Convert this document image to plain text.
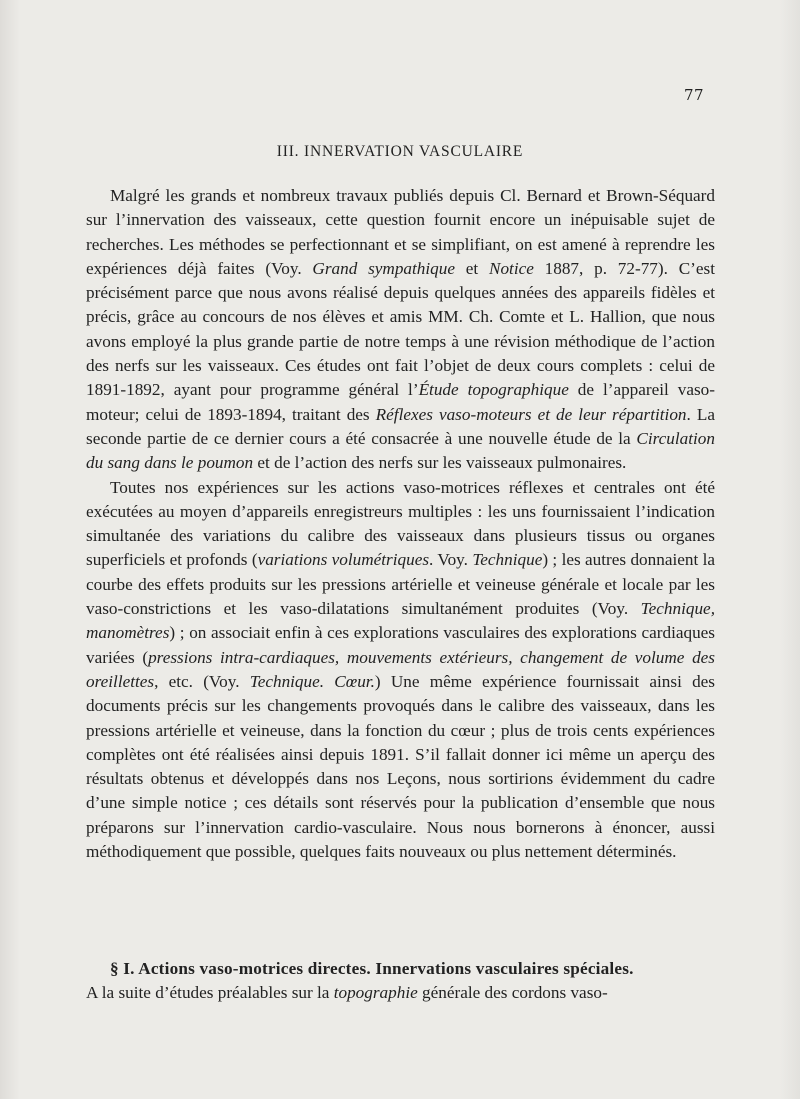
77
III. INNERVATION VASCULAIRE

Malgré les grands et nombreux travaux publiés depuis Cl. Bernard et Brown-Séquard sur l’innervation des vaisseaux, cette question fournit encore un inépuisable sujet de recherches. Les méthodes se perfectionnant et se simplifiant, on est amené à reprendre les expériences déjà faites (Voy. Grand sympathique et Notice 1887, p. 72-77). C’est précisément parce que nous avons réalisé depuis quelques années des appareils fidèles et précis, grâce au concours de nos élèves et amis MM. Ch. Comte et L. Hallion, que nous avons employé la plus grande partie de notre temps à une révision méthodique de l’action des nerfs sur les vaisseaux. Ces études ont fait l’objet de deux cours complets : celui de 1891-1892, ayant pour programme général l’Étude topographique de l’appareil vaso-moteur; celui de 1893-1894, traitant des Réflexes vaso-moteurs et de leur répartition. La seconde partie de ce dernier cours a été consacrée à une nouvelle étude de la Circulation du sang dans le poumon et de l’action des nerfs sur les vaisseaux pulmonaires.

Toutes nos expériences sur les actions vaso-motrices réflexes et centrales ont été exécutées au moyen d’appareils enregistreurs multiples : les uns fournissaient l’indication simultanée des variations du calibre des vaisseaux dans plusieurs tissus ou organes superficiels et profonds (variations volumétriques. Voy. Technique) ; les autres donnaient la courbe des effets produits sur les pressions artérielle et veineuse générale et locale par les vaso-constrictions et les vaso-dilatations simultanément produites (Voy. Technique, manomètres) ; on associait enfin à ces explorations vasculaires des explorations cardiaques variées (pressions intra-cardiaques, mouvements extérieurs, changement de volume des oreillettes, etc. (Voy. Technique. Cœur.) Une même expérience fournissait ainsi des documents précis sur les changements provoqués dans le calibre des vaisseaux, dans les pressions artérielle et veineuse, dans la fonction du cœur ; plus de trois cents expériences complètes ont été réalisées ainsi depuis 1891. S’il fallait donner ici même un aperçu des résultats obtenus et développés dans nos Leçons, nous sortirions évidemment du cadre d’une simple notice ; ces détails sont réservés pour la publication d’ensemble que nous préparons sur l’innervation cardio-vasculaire. Nous nous bornerons à énoncer, aussi méthodiquement que possible, quelques faits nouveaux ou plus nettement déterminés.

§ I. Actions vaso-motrices directes. Innervations vasculaires spéciales.
A la suite d’études préalables sur la topographie générale des cordons vaso-
